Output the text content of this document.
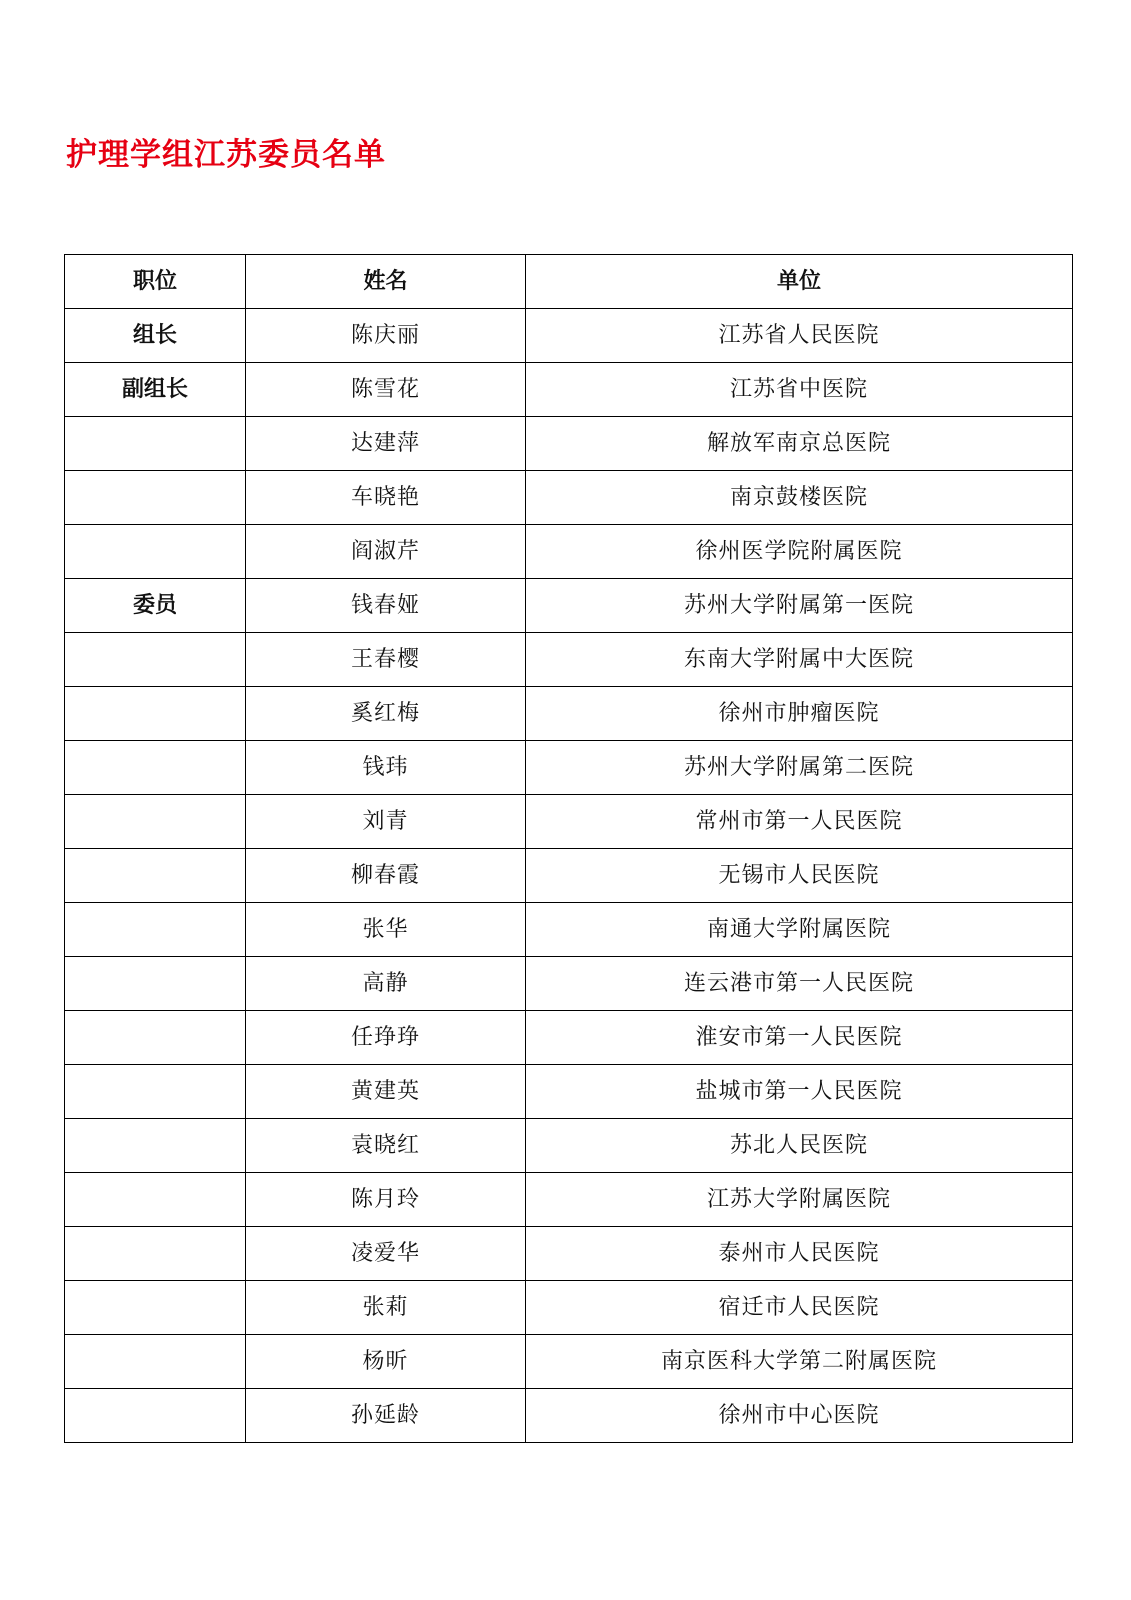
护理学组江苏委员名单
职位	姓名	单位
组长	陈庆丽	江苏省人民医院
副组长	陈雪花	江苏省中医院
	达建萍	解放军南京总医院
	车晓艳	南京鼓楼医院
	阎淑芹	徐州医学院附属医院
委员	钱春娅	苏州大学附属第一医院
	王春樱	东南大学附属中大医院
	奚红梅	徐州市肿瘤医院
	钱玮	苏州大学附属第二医院
	刘青	常州市第一人民医院
	柳春霞	无锡市人民医院
	张华	南通大学附属医院
	高静	连云港市第一人民医院
	任琤琤	淮安市第一人民医院
	黄建英	盐城市第一人民医院
	袁晓红	苏北人民医院
	陈月玲	江苏大学附属医院
	凌爱华	泰州市人民医院
	张莉	宿迁市人民医院
	杨昕	南京医科大学第二附属医院
	孙延龄	徐州市中心医院
